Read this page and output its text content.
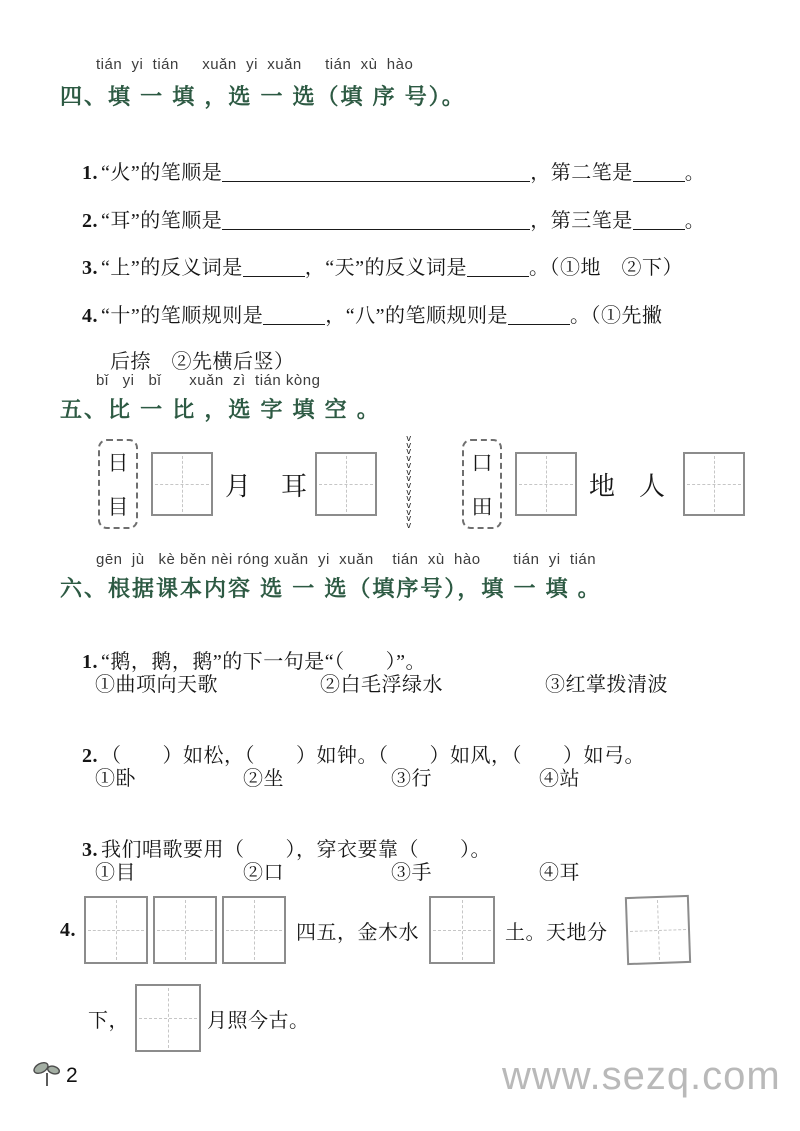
tián  yi  tián     xuǎn  yi  xuǎn     tián  xù  hào
四、填 一 填 ，选 一 选（填 序 号）。

1. “火”的笔顺是	，第二笔是	。

2. “耳”的笔顺是	，第三笔是	。

3. “上”的反义词是	，“天”的反义词是	。（①地　②下）

4. “十”的笔顺规则是	，“八”的笔顺规则是	。（①先撇

后捺　②先横后竖）

bǐ   yi   bǐ      xuǎn  zì  tián kòng
五、比 一 比 ，选 字 填 空 。
日
目
月 耳
vvvvvvvvvvvvvv
口
田
地 人
gēn  jù   kè běn nèi róng xuǎn  yi  xuǎn    tián  xù  hào       tián  yi  tián
六、根据课本内容 选 一 选（填序号），填 一 填 。

1. “鹅，鹅，鹅”的下一句是“（　　）”。

①曲项向天歌	②白毛浮绿水	③红掌拨清波

2. （　　）如松，（　　）如钟。（　　）如风，（　　）如弓。

①卧	②坐	③行	④站

3. 我们唱歌要用（　　），穿衣要靠（　　）。

①目	②口	③手	④耳
4.	四五，金木水	土。天地分
下，	月照今古。
2	www.sezq.com
